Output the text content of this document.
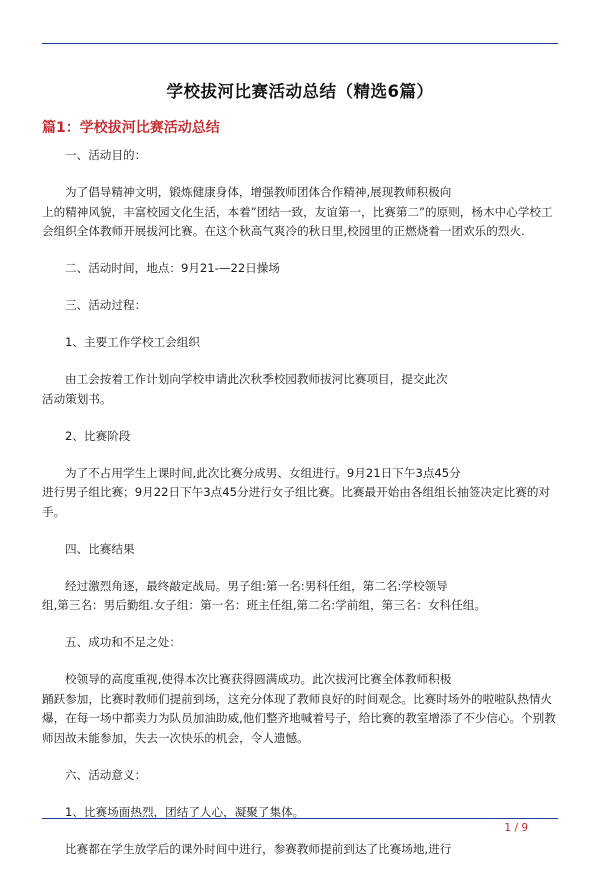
学校拔河比赛活动总结（精选6篇）
篇1：学校拔河比赛活动总结

一、活动目的：

为了倡导精神文明，锻炼健康身体，增强教师团体合作精神,展现教师积极向
上的精神风貌，丰富校园文化生活，本着”团结一致，友谊第一，比赛第二”的原则，杨木中心学校工会组织全体教师开展拔河比赛。在这个秋高气爽冷的秋日里,校园里的正燃烧着一团欢乐的烈火.

二、活动时间，地点：9月21-—22日操场

三、活动过程：

1、主要工作学校工会组织

由工会按着工作计划向学校申请此次秋季校园教师拔河比赛项目，提交此次
活动策划书。

2、比赛阶段

为了不占用学生上课时间,此次比赛分成男、女组进行。9月21日下午3点45分
进行男子组比赛；9月22日下午3点45分进行女子组比赛。比赛最开始由各组组长抽签决定比赛的对手。

四、比赛结果

经过激烈角逐，最终敲定战局。男子组:第一名:男科任组，第二名:学校领导
组,第三名：男后勤组.女子组：第一名：班主任组,第二名:学前组，第三名：女科任组。

五、成功和不足之处：

校领导的高度重视,使得本次比赛获得圆满成功。此次拔河比赛全体教师积极
踊跃参加，比赛时教师们提前到场，这充分体现了教师良好的时间观念。比赛时场外的啦啦队热情火爆，在每一场中都卖力为队员加油助威,他们整齐地喊着号子，给比赛的教室增添了不少信心。个别教师因故未能参加，失去一次快乐的机会，令人遗憾。

六、活动意义：

1、比赛场面热烈，团结了人心，凝聚了集体。

比赛都在学生放学后的课外时间中进行，参赛教师提前到达了比赛场地,进行

1 / 9
